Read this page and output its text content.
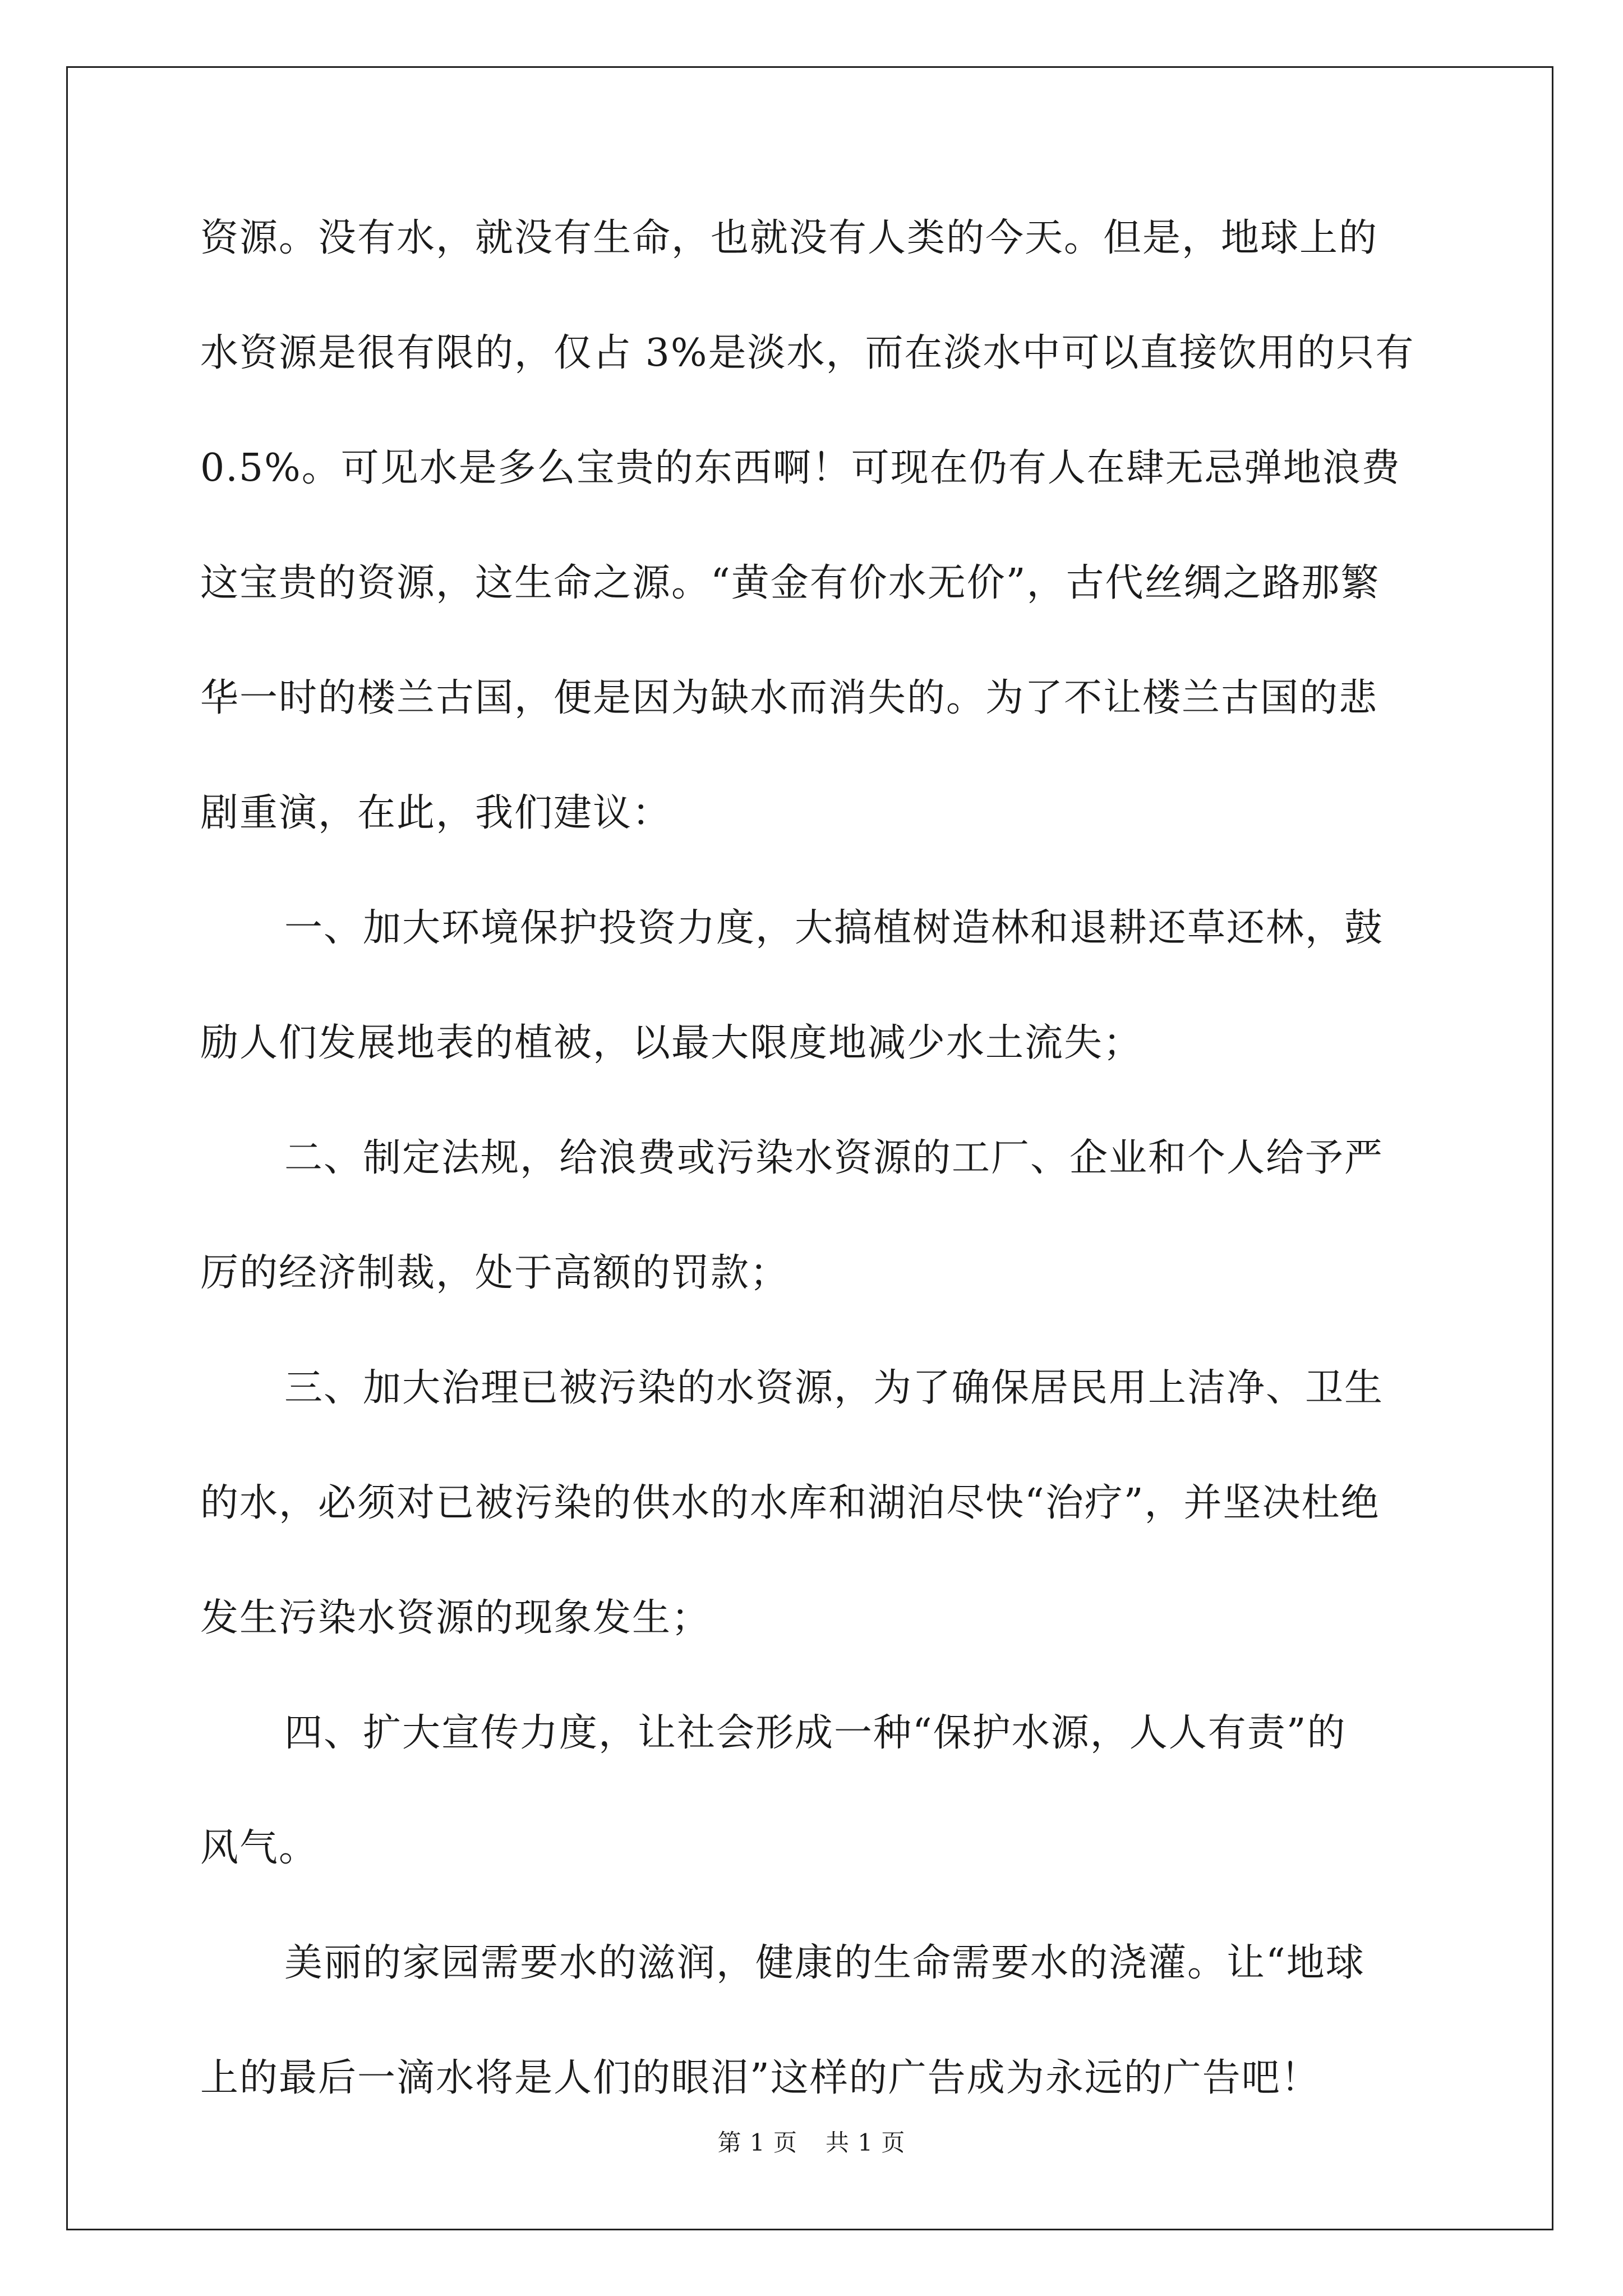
资源。没有水，就没有生命，也就没有人类的今天。但是，地球上的
水资源是很有限的，仅占 3%是淡水，而在淡水中可以直接饮用的只有
0.5%。可见水是多么宝贵的东西啊！可现在仍有人在肆无忌弹地浪费
这宝贵的资源，这生命之源。“黄金有价水无价”，古代丝绸之路那繁
华一时的楼兰古国，便是因为缺水而消失的。为了不让楼兰古国的悲
剧重演，在此，我们建议：
一、加大环境保护投资力度，大搞植树造林和退耕还草还林，鼓
励人们发展地表的植被，以最大限度地减少水土流失；
二、制定法规，给浪费或污染水资源的工厂、企业和个人给予严
厉的经济制裁，处于高额的罚款；
三、加大治理已被污染的水资源，为了确保居民用上洁净、卫生
的水，必须对已被污染的供水的水库和湖泊尽快“治疗”，并坚决杜绝
发生污染水资源的现象发生；
四、扩大宣传力度，让社会形成一种“保护水源，人人有责”的
风气。
美丽的家园需要水的滋润，健康的生命需要水的浇灌。让“地球
上的最后一滴水将是人们的眼泪”这样的广告成为永远的广告吧！
第 1 页 共 1 页
